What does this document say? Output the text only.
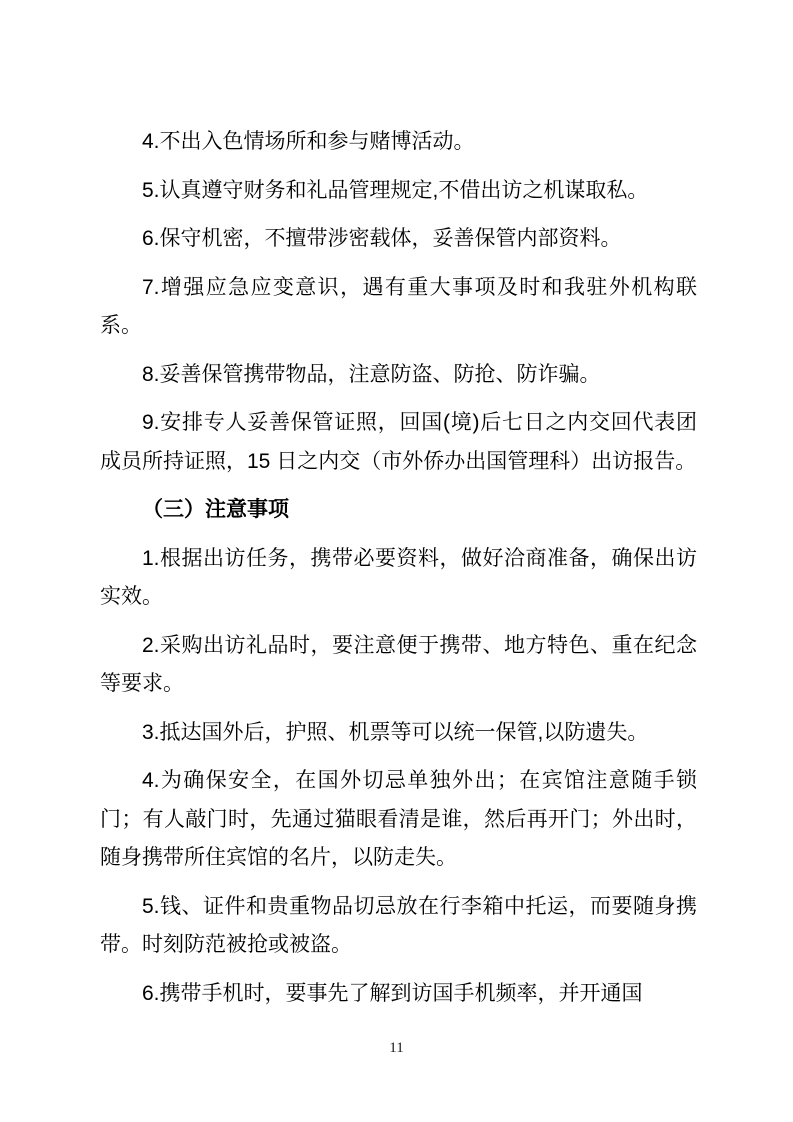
4.不出入色情场所和参与赌博活动。

5.认真遵守财务和礼品管理规定,不借出访之机谋取私。

6.保守机密，不擅带涉密载体，妥善保管内部资料。

7.增强应急应变意识，遇有重大事项及时和我驻外机构联系。

8.妥善保管携带物品，注意防盗、防抢、防诈骗。

9.安排专人妥善保管证照，回国(境)后七日之内交回代表团成员所持证照，15 日之内交（市外侨办出国管理科）出访报告。

（三）注意事项

1.根据出访任务，携带必要资料，做好洽商准备，确保出访实效。

2.采购出访礼品时，要注意便于携带、地方特色、重在纪念等要求。

3.抵达国外后，护照、机票等可以统一保管,以防遗失。

4.为确保安全，在国外切忌单独外出；在宾馆注意随手锁门；有人敲门时，先通过猫眼看清是谁，然后再开门；外出时，随身携带所住宾馆的名片，以防走失。

5.钱、证件和贵重物品切忌放在行李箱中托运，而要随身携带。时刻防范被抢或被盗。

6.携带手机时，要事先了解到访国手机频率，并开通国

11
